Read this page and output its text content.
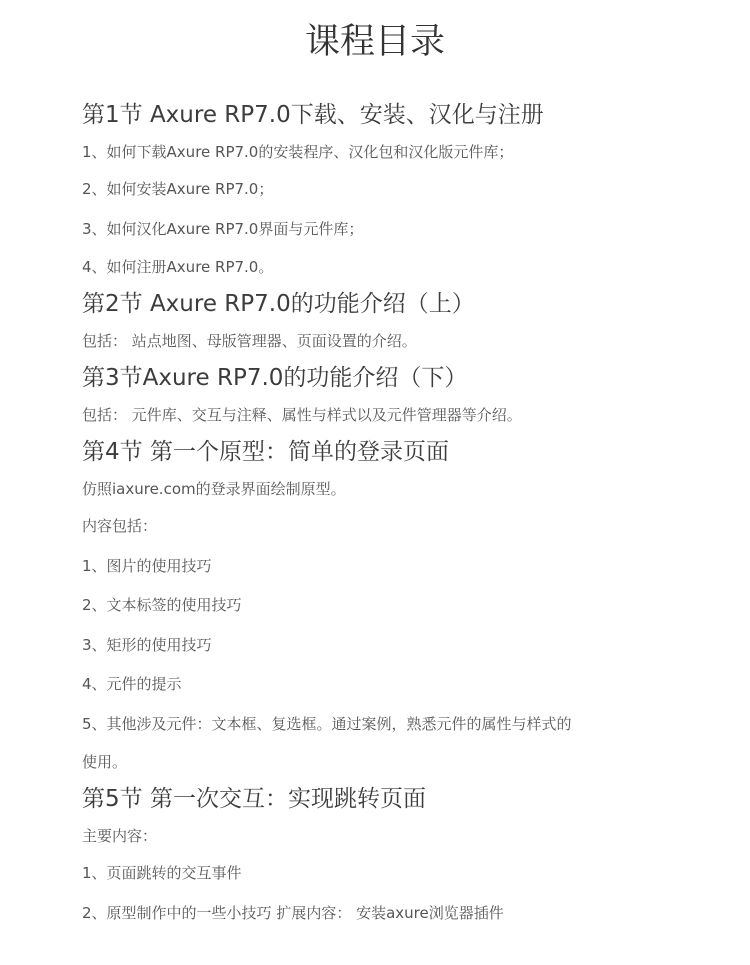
课程目录
第1节 Axure RP7.0下载、安装、汉化与注册

1、如何下载Axure RP7.0的安装程序、汉化包和汉化版元件库；

2、如何安装Axure RP7.0；

3、如何汉化Axure RP7.0界面与元件库；

4、如何注册Axure RP7.0。

第2节 Axure RP7.0的功能介绍（上）

包括： 站点地图、母版管理器、页面设置的介绍。

第3节Axure RP7.0的功能介绍（下）

包括： 元件库、交互与注释、属性与样式以及元件管理器等介绍。

第4节 第一个原型：简单的登录页面

仿照iaxure.com的登录界面绘制原型。

内容包括：

1、图片的使用技巧

2、文本标签的使用技巧

3、矩形的使用技巧

4、元件的提示

5、其他涉及元件：文本框、复选框。通过案例，熟悉元件的属性与样式的

使用。

第5节 第一次交互：实现跳转页面

主要内容：

1、页面跳转的交互事件

2、原型制作中的一些小技巧 扩展内容： 安装axure浏览器插件
